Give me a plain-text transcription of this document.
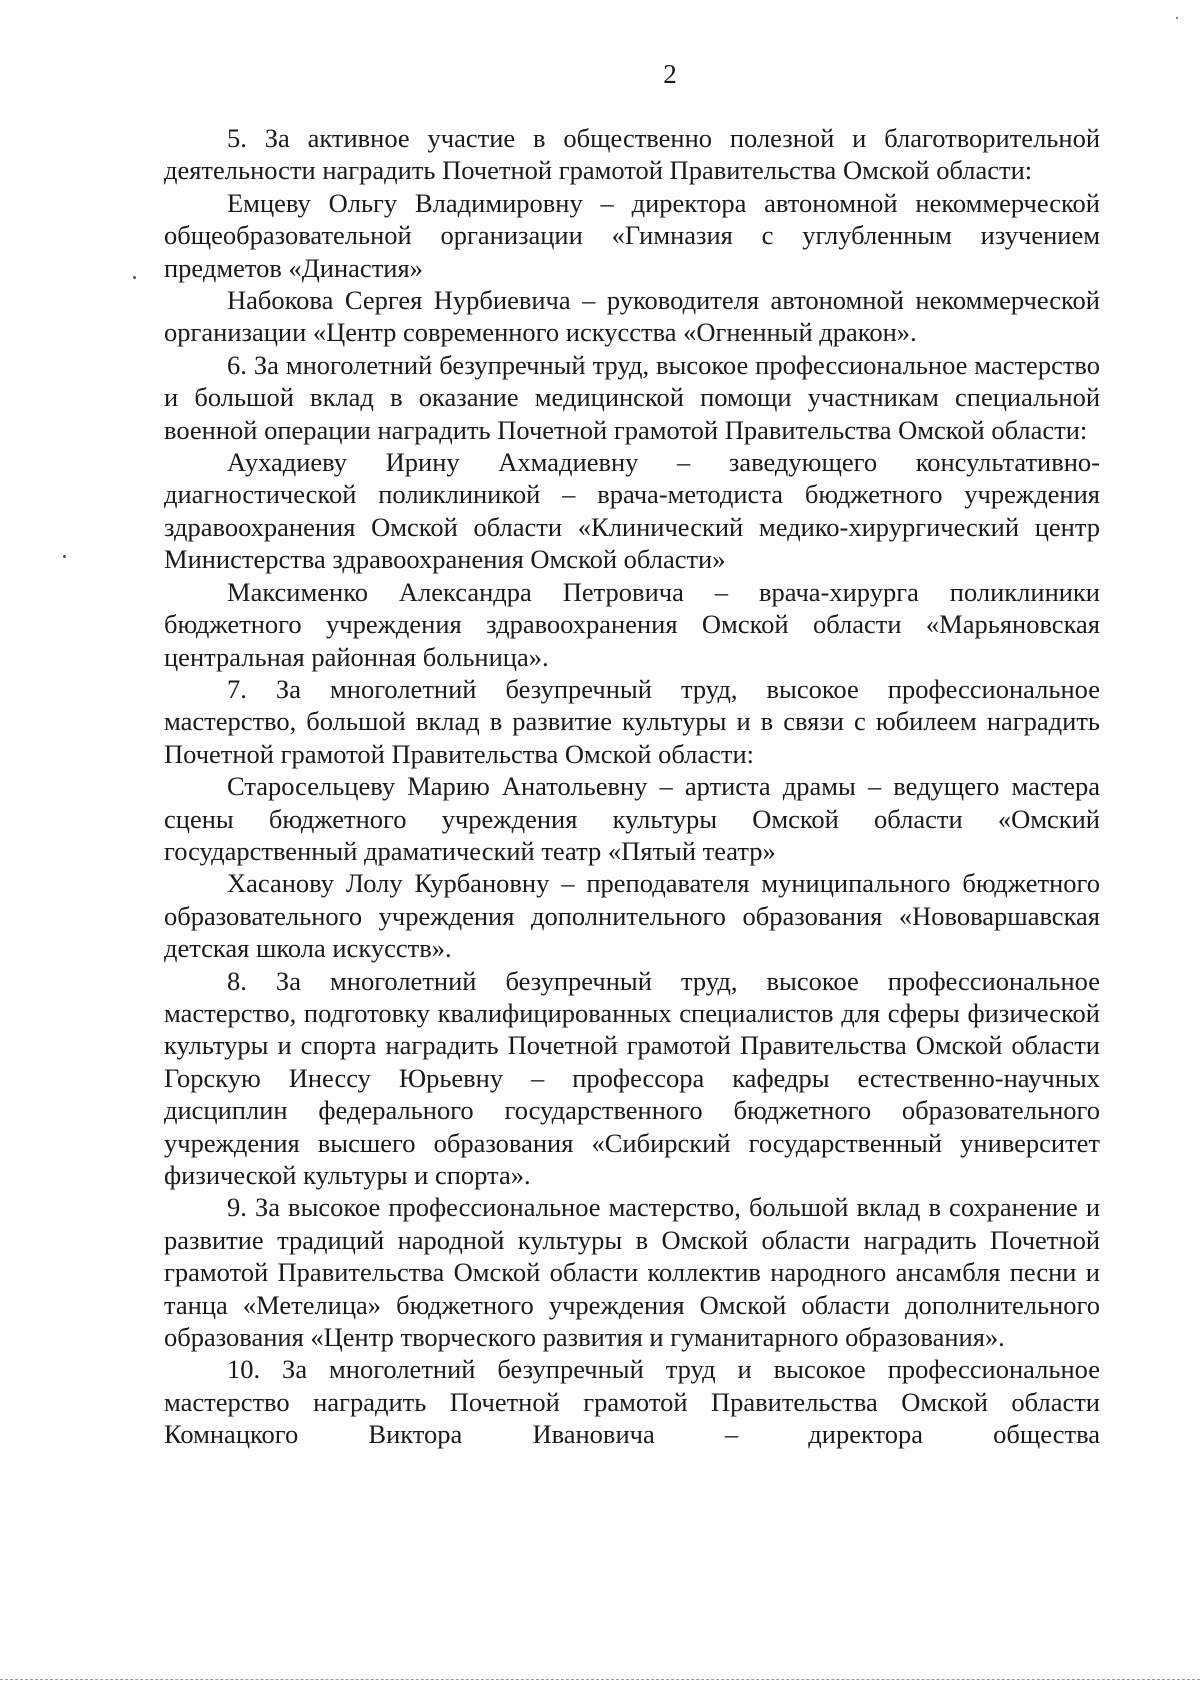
2

5. За активное участие в общественно полезной и благотворительной деятельности наградить Почетной грамотой Правительства Омской области:

Емцеву Ольгу Владимировну – директора автономной некоммерческой общеобразовательной организации «Гимназия с углубленным изучением предметов «Династия»

Набокова Сергея Нурбиевича – руководителя автономной некоммерческой организации «Центр современного искусства «Огненный дракон».

6. За многолетний безупречный труд, высокое профессиональное мастерство и большой вклад в оказание медицинской помощи участникам специальной военной операции наградить Почетной грамотой Правительства Омской области:

Аухадиеву Ирину Ахмадиевну – заведующего консультативно-диагностической поликлиникой – врача-методиста бюджетного учреждения здравоохранения Омской области «Клинический медико-хирургический центр Министерства здравоохранения Омской области»

Максименко Александра Петровича – врача-хирурга поликлиники бюджетного учреждения здравоохранения Омской области «Марьяновская центральная районная больница».

7. За многолетний безупречный труд, высокое профессиональное мастерство, большой вклад в развитие культуры и в связи с юбилеем наградить Почетной грамотой Правительства Омской области:

Старосельцеву Марию Анатольевну – артиста драмы – ведущего мастера сцены бюджетного учреждения культуры Омской области «Омский государственный драматический театр «Пятый театр»

Хасанову Лолу Курбановну – преподавателя муниципального бюджетного образовательного учреждения дополнительного образования «Нововаршавская детская школа искусств».

8. За многолетний безупречный труд, высокое профессиональное мастерство, подготовку квалифицированных специалистов для сферы физической культуры и спорта наградить Почетной грамотой Правительства Омской области Горскую Инессу Юрьевну – профессора кафедры естественно-научных дисциплин федерального государственного бюджетного образовательного учреждения высшего образования «Сибирский государственный университет физической культуры и спорта».

9. За высокое профессиональное мастерство, большой вклад в сохранение и развитие традиций народной культуры в Омской области наградить Почетной грамотой Правительства Омской области коллектив народного ансамбля песни и танца «Метелица» бюджетного учреждения Омской области дополнительного образования «Центр творческого развития и гуманитарного образования».

10. За многолетний безупречный труд и высокое профессиональное мастерство наградить Почетной грамотой Правительства Омской области Комнацкого Виктора Ивановича – директора общества
